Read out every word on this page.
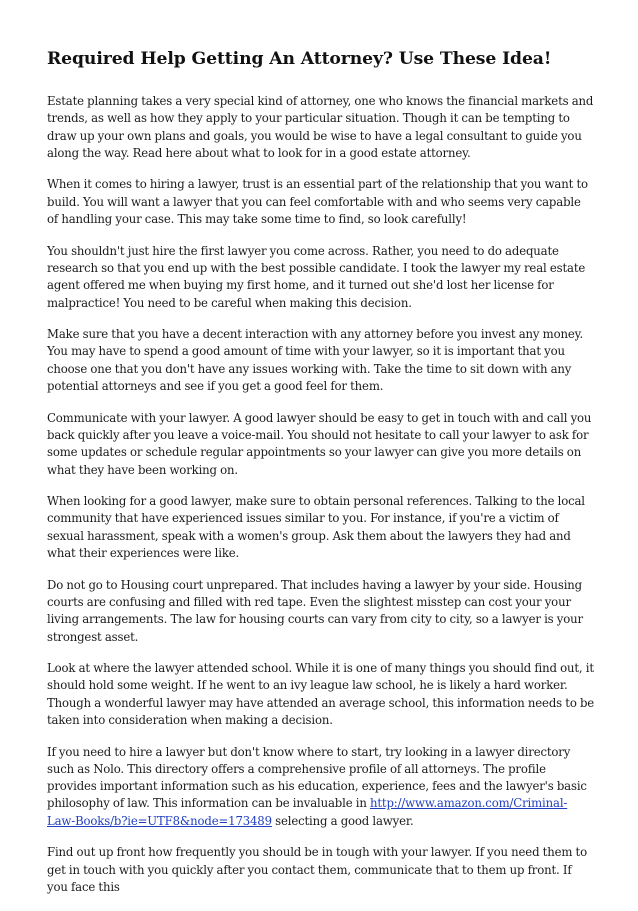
Required Help Getting An Attorney? Use These Idea!

Estate planning takes a very special kind of attorney, one who knows the financial markets and trends, as well as how they apply to your particular situation. Though it can be tempting to draw up your own plans and goals, you would be wise to have a legal consultant to guide you along the way. Read here about what to look for in a good estate attorney.

When it comes to hiring a lawyer, trust is an essential part of the relationship that you want to build. You will want a lawyer that you can feel comfortable with and who seems very capable of handling your case. This may take some time to find, so look carefully!

You shouldn't just hire the first lawyer you come across. Rather, you need to do adequate research so that you end up with the best possible candidate. I took the lawyer my real estate agent offered me when buying my first home, and it turned out she'd lost her license for malpractice! You need to be careful when making this decision.

Make sure that you have a decent interaction with any attorney before you invest any money. You may have to spend a good amount of time with your lawyer, so it is important that you choose one that you don't have any issues working with. Take the time to sit down with any potential attorneys and see if you get a good feel for them.

Communicate with your lawyer. A good lawyer should be easy to get in touch with and call you back quickly after you leave a voice-mail. You should not hesitate to call your lawyer to ask for some updates or schedule regular appointments so your lawyer can give you more details on what they have been working on.

When looking for a good lawyer, make sure to obtain personal references. Talking to the local community that have experienced issues similar to you. For instance, if you're a victim of sexual harassment, speak with a women's group. Ask them about the lawyers they had and what their experiences were like.

Do not go to Housing court unprepared. That includes having a lawyer by your side. Housing courts are confusing and filled with red tape. Even the slightest misstep can cost your your living arrangements. The law for housing courts can vary from city to city, so a lawyer is your strongest asset.

Look at where the lawyer attended school. While it is one of many things you should find out, it should hold some weight. If he went to an ivy league law school, he is likely a hard worker. Though a wonderful lawyer may have attended an average school, this information needs to be taken into consideration when making a decision.

If you need to hire a lawyer but don't know where to start, try looking in a lawyer directory such as Nolo. This directory offers a comprehensive profile of all attorneys. The profile provides important information such as his education, experience, fees and the lawyer's basic philosophy of law. This information can be invaluable in http://www.amazon.com/Criminal-Law-Books/b?ie=UTF8&node=173489 selecting a good lawyer.

Find out up front how frequently you should be in tough with your lawyer. If you need them to get in touch with you quickly after you contact them, communicate that to them up front. If you face this
